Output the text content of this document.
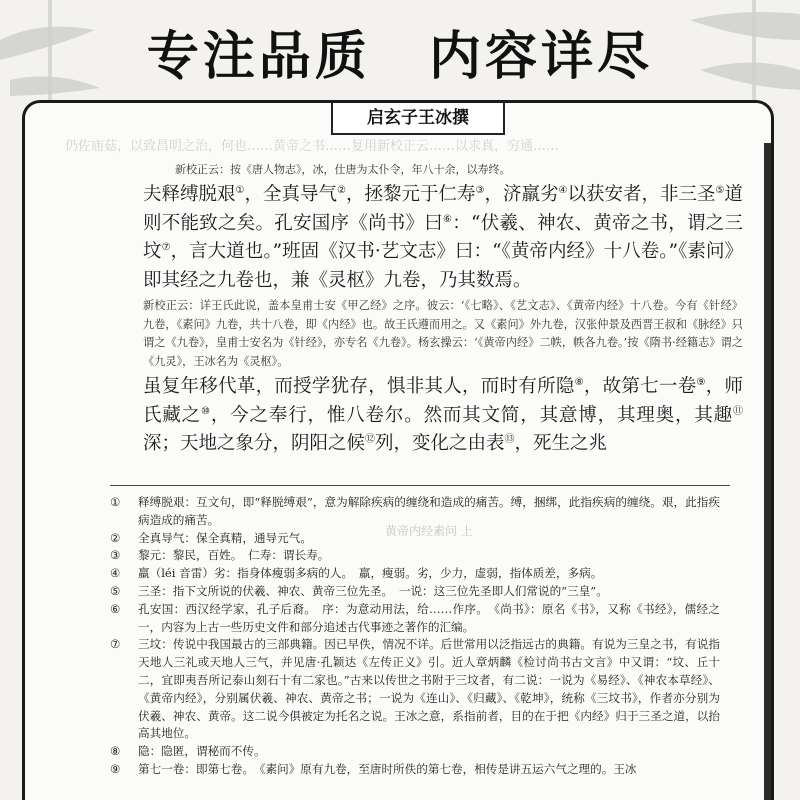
专注品质 内容详尽
仍佐庙菇，以致昌明之治，何也……黄帝之书……复用新校正云……以求真，穷通……
启玄子王冰撰
新校正云：按《唐人物志》，冰，仕唐为太仆令，年八十余，以寿终。

夫释缚脱艰①，全真导气②，拯黎元于仁寿③，济羸劣④以获安者，非三圣⑤道则不能致之矣。孔安国序《尚书》曰⑥：“伏羲、神农、黄帝之书，谓之三坟⑦，言大道也。”班固《汉书·艺文志》曰：“《黄帝内经》十八卷。”《素问》即其经之九卷也，兼《灵枢》九卷，乃其数焉。

新校正云：详王氏此说，盖本皇甫士安《甲乙经》之序。彼云：‘《七略》、《艺文志》、《黄帝内经》十八卷。今有《针经》九卷，《素问》九卷，共十八卷，即《内经》也。故王氏遵而用之。又《素问》外九卷，汉张仲景及西晋王叔和《脉经》只谓之《九卷》，皇甫士安名为《针经》，亦专名《九卷》。杨玄操云：‘《黄帝内经》二帙，帙各九卷。’按《隋书·经籍志》谓之《九灵》，王冰名为《灵枢》。

虽复年移代革，而授学犹存，惧非其人，而时有所隐⑧，故第七一卷⑨，师氏藏之⑩，今之奉行，惟八卷尔。然而其文简，其意博，其理奥，其趣⑪深；天地之象分，阴阳之候⑫列，变化之由表⑬，死生之兆

黄帝内经素问 上
①	释缚脱艰：互文句，即“释脱缚艰”，意为解除疾病的缠绕和造成的痛苦。缚，捆绑，此指疾病的缠绕。艰，此指疾病造成的痛苦。
②	全真导气：保全真精，通导元气。
③	黎元：黎民，百姓。　仁寿：谓长寿。
④	羸（léi 音雷）劣：指身体瘦弱多病的人。　羸，瘦弱。劣，少力，虚弱，指体质差，多病。
⑤	三圣：指下文所说的伏羲、神农、黄帝三位先圣。　一说：这三位先圣即人们常说的“三皇”。
⑥	孔安国：西汉经学家，孔子后裔。　序：为意动用法，给……作序。　《尚书》：原名《书》，又称《书经》，儒经之一，内容为上古一些历史文件和部分追述古代事迹之著作的汇编。
⑦	三坟：传说中我国最古的三部典籍。因已早佚，情况不详。后世常用以泛指远古的典籍。有说为三皇之书，有说指天地人三礼或天地人三气，并见唐·孔颖达《左传正义》引。近人章炳麟《检讨尚书古文言》中又谓：“坟、丘十二，宜即夷吾所记泰山刻石十有二家也。”古来以传世之书附于三坟者，有二说：一说为《易经》、《神农本草经》、《黄帝内经》，分别属伏羲、神农、黄帝之书；一说为《连山》、《归藏》、《乾坤》，统称《三坟书》，作者亦分别为伏羲、神农、黄帝。这二说今俱被定为托名之说。王冰之意，系指前者，目的在于把《内经》归于三圣之道，以抬高其地位。
⑧	隐：隐匿，谓秘而不传。
⑨	第七一卷：即第七卷。　《素问》原有九卷，至唐时所佚的第七卷，相传是讲五运六气之理的。王冰
